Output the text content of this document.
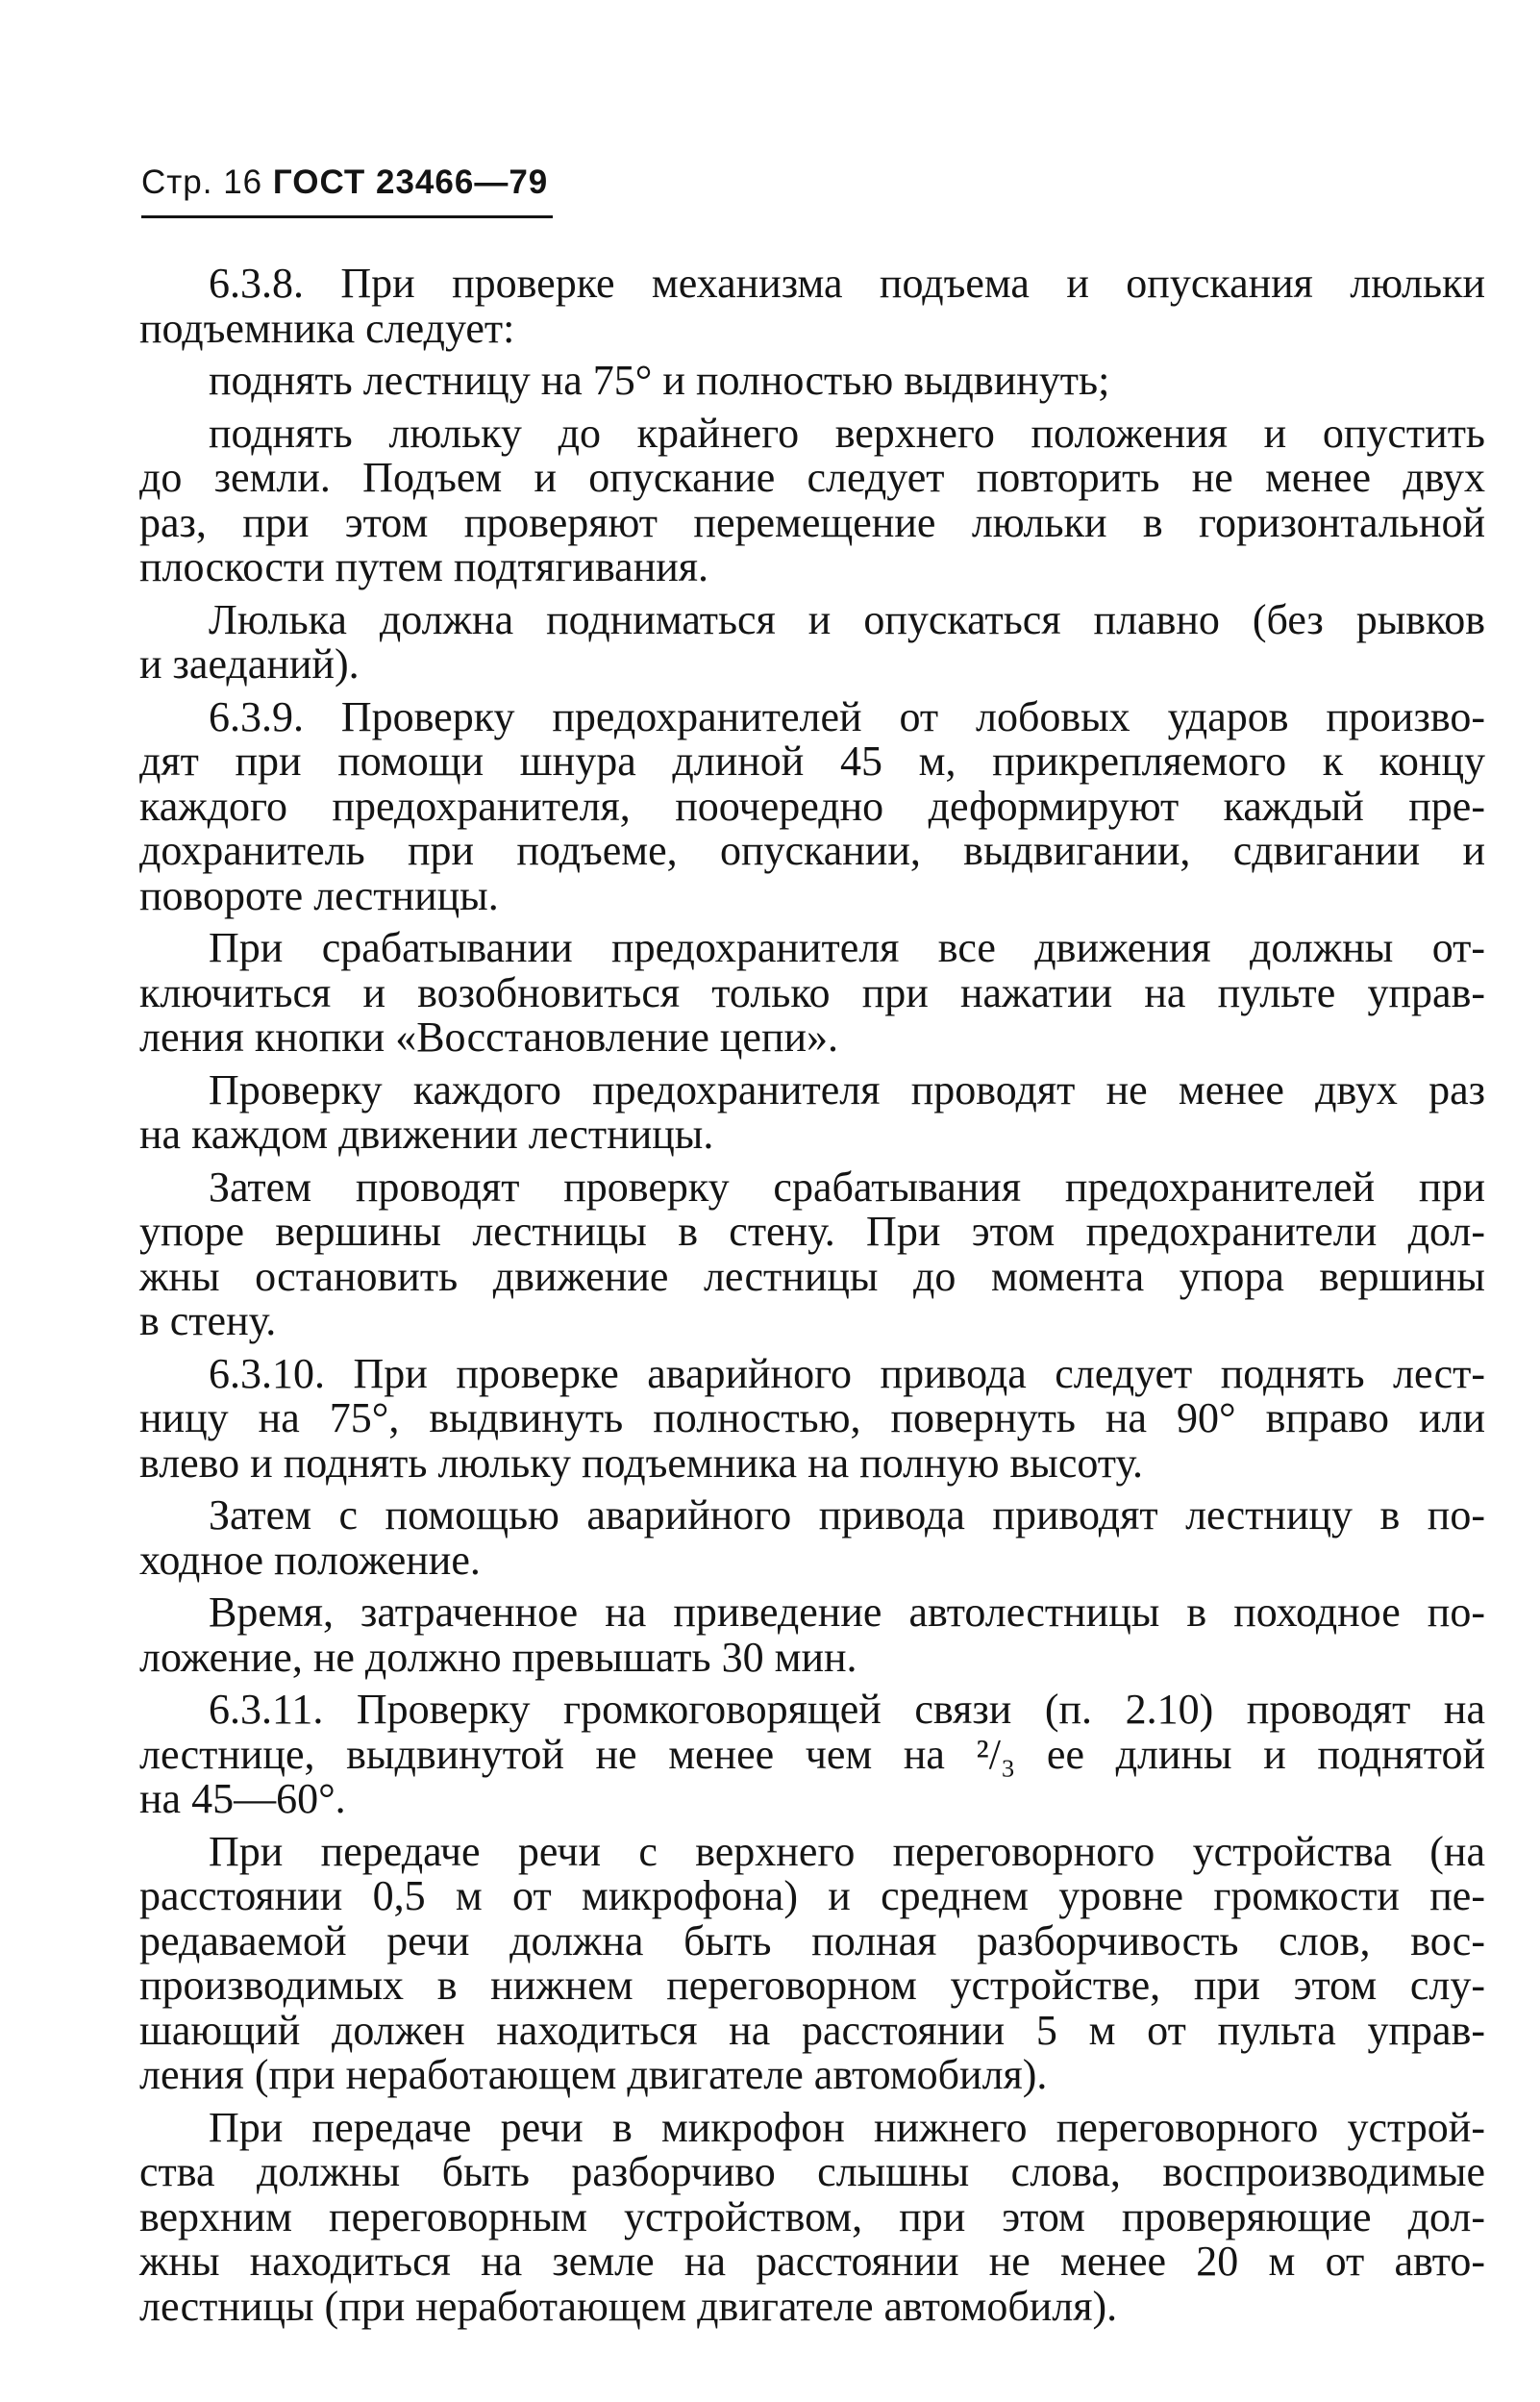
Стр. 16 ГОСТ 23466—79
6.3.8. При проверке механизма подъема и опускания люльки
подъемника следует:
поднять лестницу на 75° и полностью выдвинуть;
поднять люльку до крайнего верхнего положения и опустить
до земли. Подъем и опускание следует повторить не менее двух
раз, при этом проверяют перемещение люльки в горизонтальной
плоскости путем подтягивания.
Люлька должна подниматься и опускаться плавно (без рывков
и заеданий).
6.3.9. Проверку предохранителей от лобовых ударов произво-
дят при помощи шнура длиной 45 м, прикрепляемого к концу
каждого предохранителя, поочередно деформируют каждый пре-
дохранитель при подъеме, опускании, выдвигании, сдвигании и
повороте лестницы.
При срабатывании предохранителя все движения должны от-
ключиться и возобновиться только при нажатии на пульте управ-
ления кнопки «Восстановление цепи».
Проверку каждого предохранителя проводят не менее двух раз
на каждом движении лестницы.
Затем проводят проверку срабатывания предохранителей при
упоре вершины лестницы в стену. При этом предохранители дол-
жны остановить движение лестницы до момента упора вершины
в стену.
6.3.10. При проверке аварийного привода следует поднять лест-
ницу на 75°, выдвинуть полностью, повернуть на 90° вправо или
влево и поднять люльку подъемника на полную высоту.
Затем с помощью аварийного привода приводят лестницу в по-
ходное положение.
Время, затраченное на приведение автолестницы в походное по-
ложение, не должно превышать 30 мин.
6.3.11. Проверку громкоговорящей связи (п. 2.10) проводят на
лестнице, выдвинутой не менее чем на ²/₃ ее длины и поднятой
на 45—60°.
При передаче речи с верхнего переговорного устройства (на
расстоянии 0,5 м от микрофона) и среднем уровне громкости пе-
редаваемой речи должна быть полная разборчивость слов, вос-
производимых в нижнем переговорном устройстве, при этом слу-
шающий должен находиться на расстоянии 5 м от пульта управ-
ления (при неработающем двигателе автомобиля).
При передаче речи в микрофон нижнего переговорного устрой-
ства должны быть разборчиво слышны слова, воспроизводимые
верхним переговорным устройством, при этом проверяющие дол-
жны находиться на земле на расстоянии не менее 20 м от авто-
лестницы (при неработающем двигателе автомобиля).
